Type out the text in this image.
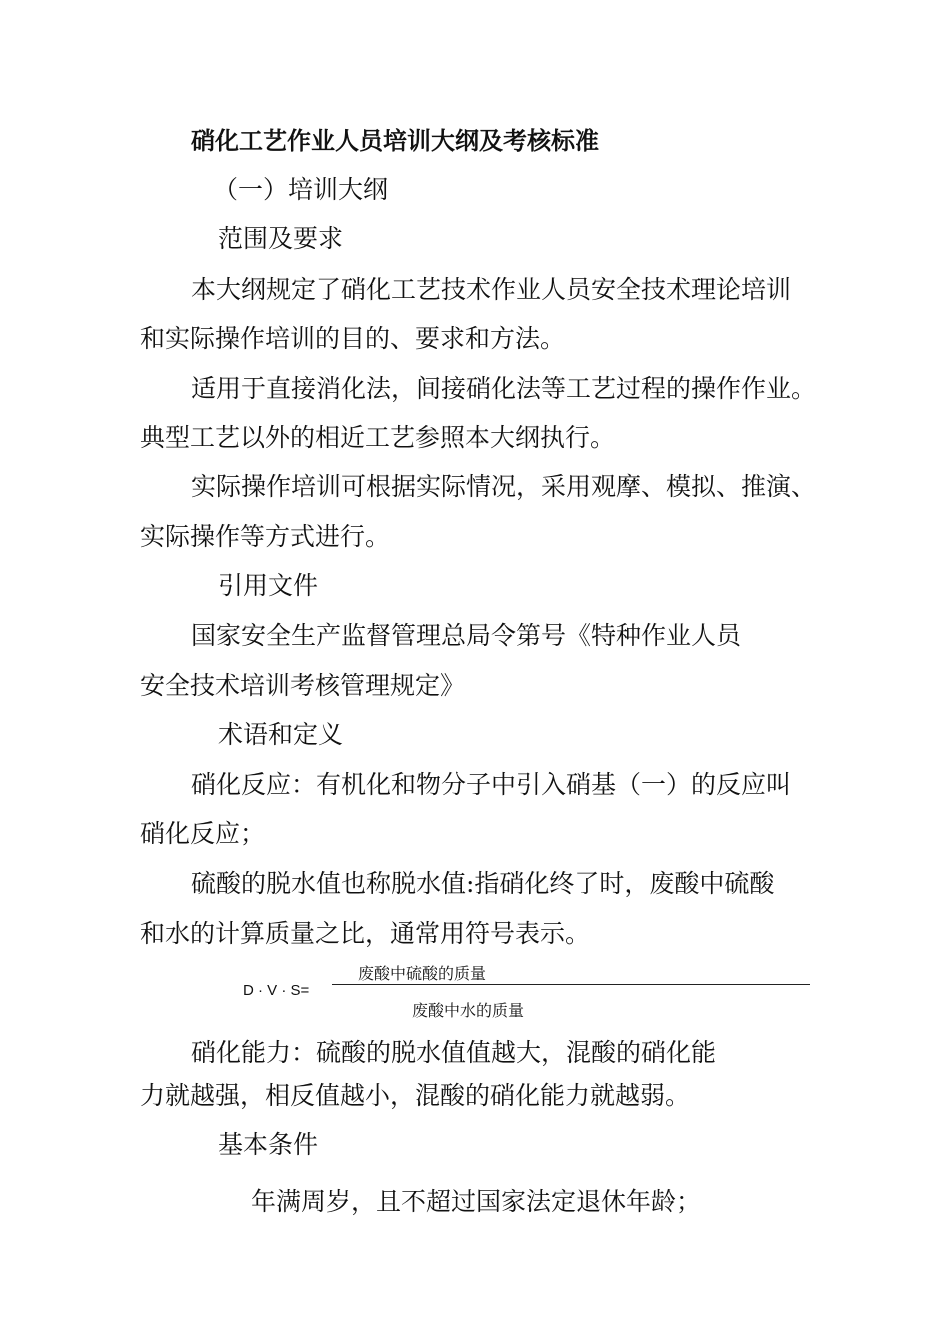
硝化工艺作业人员培训大纲及考核标准
（一）培训大纲
范围及要求
本大纲规定了硝化工艺技术作业人员安全技术理论培训
和实际操作培训的目的、要求和方法。
适用于直接消化法，间接硝化法等工艺过程的操作作业。
典型工艺以外的相近工艺参照本大纲执行。
实际操作培训可根据实际情况，采用观摩、模拟、推演、
实际操作等方式进行。
引用文件
国家安全生产监督管理总局令第号《特种作业人员
安全技术培训考核管理规定》
术语和定义
硝化反应：有机化和物分子中引入硝基（一）的反应叫
硝化反应；
硫酸的脱水值也称脱水值:指硝化终了时，废酸中硫酸
和水的计算质量之比，通常用符号表示。
D · V · S=
废酸中硫酸的质量
废酸中水的质量
硝化能力：硫酸的脱水值值越大，混酸的硝化能
力就越强，相反值越小，混酸的硝化能力就越弱。
基本条件
年满周岁，且不超过国家法定退休年龄；
